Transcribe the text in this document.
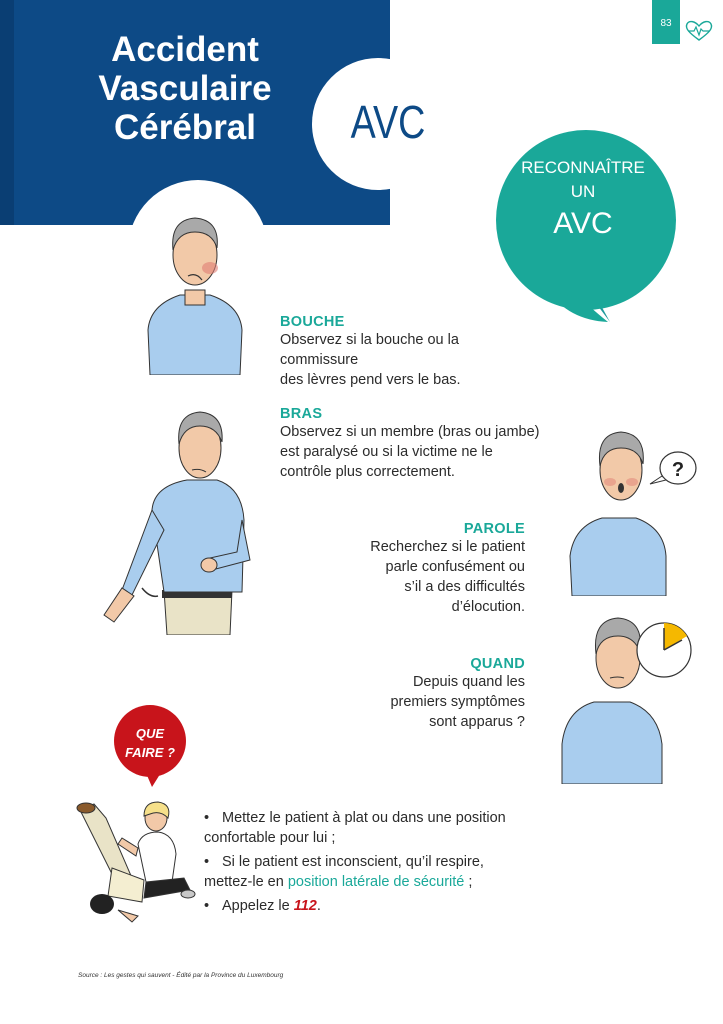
Accident
Vasculaire
Cérébral	AVC
83
RECONNAÎTRE
UN
AVC
BOUCHE
Observez si la bouche ou la commissure
des lèvres pend vers le bas.
BRAS
Observez si un membre (bras ou jambe)
est paralysé ou si la victime ne le
contrôle plus correctement.	?
PAROLE
Recherchez si le patient
parle confusément ou
s’il a des difficultés
d’élocution.
QUAND
Depuis quand les
premiers symptômes
sont apparus ?
QUE
FAIRE ?
• Mettez le patient à plat ou dans une position confortable pour lui ;
• Si le patient est inconscient, qu’il respire, mettez-le en position latérale de sécurité ;
• Appelez le 112.
Source : Les gestes qui sauvent - Édité par la Province du Luxembourg
